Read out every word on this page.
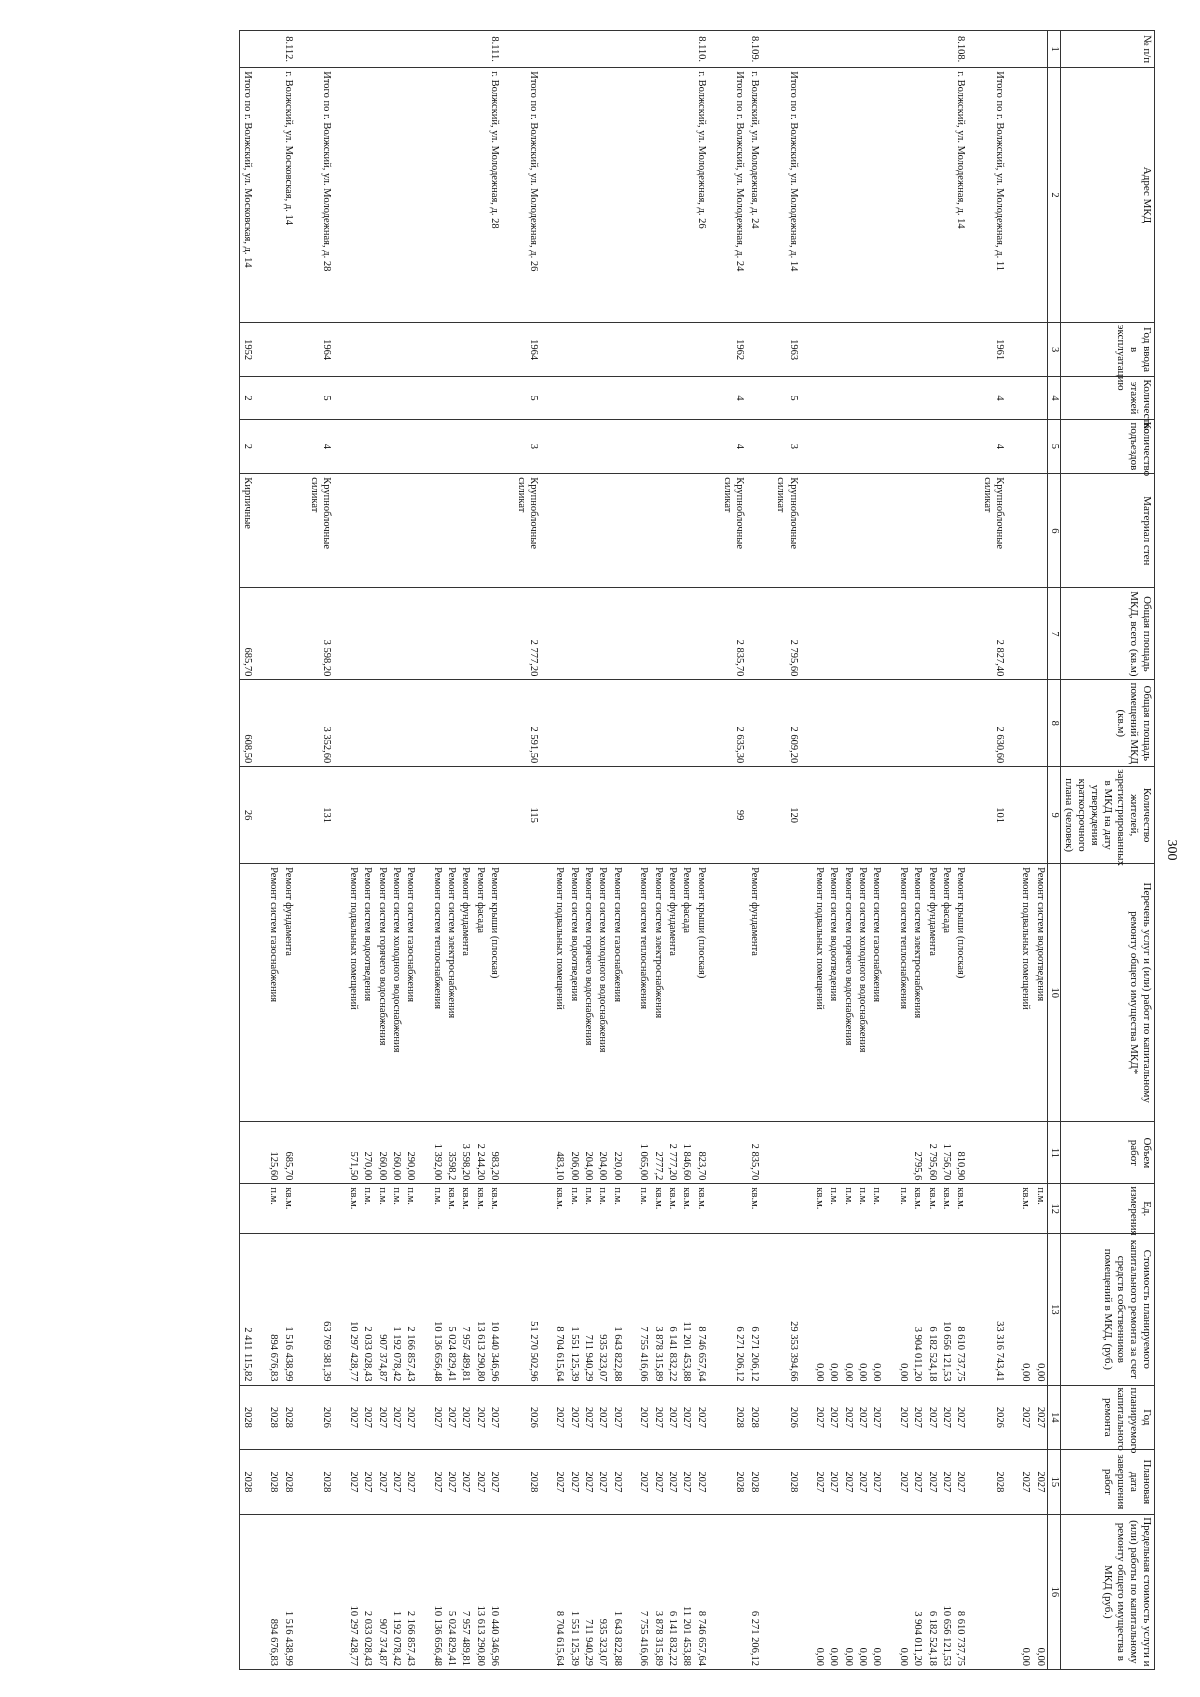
300
№ п/п	Адрес МКД	Год ввода в эксплуатацию	Количество этажей	Количество подъездов	Материал стен	Общая площадь МКД, всего (кв.м)	Общая площадь помещений МКД (кв.м)	Количество жителей, зарегистрированных в МКД на дату утверждения краткосрочного плана (человек)	Перечень услуг и (или) работ по капитальному ремонту общего имущества МКД*	Объем работ	Ед. измерения	Стоимость планируемого капитального ремонта за счет средств собственников помещений в МКД, (руб.)	Год планируемого капитального ремонта	Плановая дата завершения работ	Предельная стоимость услуги и (или) работы по капитальному ремонту общего имущества в МКД (руб.)
1	2	3	4	5	6	7	8	9	10	11	12	13	14	15	16
									Ремонт систем водоотведения		п.м.	0,00	2027	2027	0,00
									Ремонт подвальных помещений		кв.м.	0,00	2027	2027	0,00

	Итого по г. Волжский, ул. Молодежная, д. 11	1961	4	4	Крупноблочные силикат	2 827,40	2 630,60	101				33 316 743,41	2026	2028	

8.108.	г. Волжский, ул. Молодежная, д. 14								Ремонт крыши (плоская)	810,90	кв.м.	8 610 737,75	2027	2027	8 610 737,75
									Ремонт фасада	1 756,70	кв.м.	10 656 121,53	2027	2027	10 656 121,53
									Ремонт фундамента	2 795,60	кв.м.	6 182 524,18	2027	2027	6 182 524,18
									Ремонт систем электроснабжения	2795,6	кв.м.	3 904 011,20	2027	2027	3 904 011,20
									Ремонт систем теплоснабжения		п.м.	0,00	2027	2027	0,00

									Ремонт систем газоснабжения		п.м.	0,00	2027	2027	0,00
									Ремонт систем холодного водоснабжения		п.м.	0,00	2027	2027	0,00
									Ремонт систем горячего водоснабжения		п.м.	0,00	2027	2027	0,00
									Ремонт систем водоотведения		п.м.	0,00	2027	2027	0,00
									Ремонт подвальных помещений		кв.м.	0,00	2027	2027	0,00

	Итого по г. Волжский, ул. Молодежная, д. 14	1963	5	3	Крупноблочные силикат	2 795,60	2 609,20	120				29 353 394,66	2026	2028	

8.109.	г. Волжский, ул. Молодежная, д. 24								Ремонт фундамента	2 835,70	кв.м.	6 271 206,12	2028	2028	6 271 206,12
	Итого по г. Волжский, ул. Молодежная, д. 24	1962	4	4	Крупноблочные силикат	2 835,70	2 635,30	99				6 271 206,12	2028	2028	

8.110.	г. Волжский, ул. Молодежная, д. 26								Ремонт крыши (плоская)	823,70	кв.м.	8 746 657,64	2027	2027	8 746 657,64
									Ремонт фасада	1 846,60	кв.м.	11 201 453,88	2027	2027	11 201 453,88
									Ремонт фундамента	2 777,20	кв.м.	6 141 832,22	2027	2027	6 141 832,22
									Ремонт систем электроснабжения	2777,2	кв.м.	3 878 315,89	2027	2027	3 878 315,89
									Ремонт систем теплоснабжения	1 065,00	п.м.	7 755 416,06	2027	2027	7 755 416,06

									Ремонт систем газоснабжения	220,00	п.м.	1 643 822,88	2027	2027	1 643 822,88
									Ремонт систем холодного водоснабжения	204,00	п.м.	935 323,07	2027	2027	935 323,07
									Ремонт систем горячего водоснабжения	204,00	п.м.	711 940,29	2027	2027	711 940,29
									Ремонт систем водоотведения	206,00	п.м.	1 551 125,39	2027	2027	1 551 125,39
									Ремонт подвальных помещений	483,10	кв.м.	8 704 615,64	2027	2027	8 704 615,64

	Итого по г. Волжский, ул. Молодежная, д. 26	1964	5	3	Крупноблочные силикат	2 777,20	2 591,50	115				51 270 502,96	2026	2028	

8.111.	г. Волжский, ул. Молодежная, д. 28								Ремонт крыши (плоская)	983,20	кв.м.	10 440 346,96	2027	2027	10 440 346,96
									Ремонт фасада	2 244,20	кв.м.	13 613 290,80	2027	2027	13 613 290,80
									Ремонт фундамента	3 598,20	кв.м.	7 957 489,81	2027	2027	7 957 489,81
									Ремонт систем электроснабжения	3598,2	кв.м.	5 024 829,41	2027	2027	5 024 829,41
									Ремонт систем теплоснабжения	1 392,00	п.м.	10 136 656,48	2027	2027	10 136 656,48

									Ремонт систем газоснабжения	290,00	п.м.	2 166 857,43	2027	2027	2 166 857,43
									Ремонт систем холодного водоснабжения	260,00	п.м.	1 192 078,42	2027	2027	1 192 078,42
									Ремонт систем горячего водоснабжения	260,00	п.м.	907 374,87	2027	2027	907 374,87
									Ремонт систем водоотведения	270,00	п.м.	2 033 028,43	2027	2027	2 033 028,43
									Ремонт подвальных помещений	571,50	кв.м.	10 297 428,77	2027	2027	10 297 428,77

	Итого по г. Волжский, ул. Молодежная, д. 28	1964	5	4	Крупноблочные силикат	3 598,20	3 352,60	131				63 769 381,39	2026	2028	

8.112.	г. Волжский, ул. Московская, д. 14								Ремонт фундамента	685,70	кв.м.	1 516 438,99	2028	2028	1 516 438,99
									Ремонт систем газоснабжения	125,60	п.м.	894 676,83	2028	2028	894 676,83

	Итого по г. Волжский, ул. Московская, д. 14	1952	2	2	Кирпичные	685,70	608,50	26				2 411 115,82	2028	2028	
